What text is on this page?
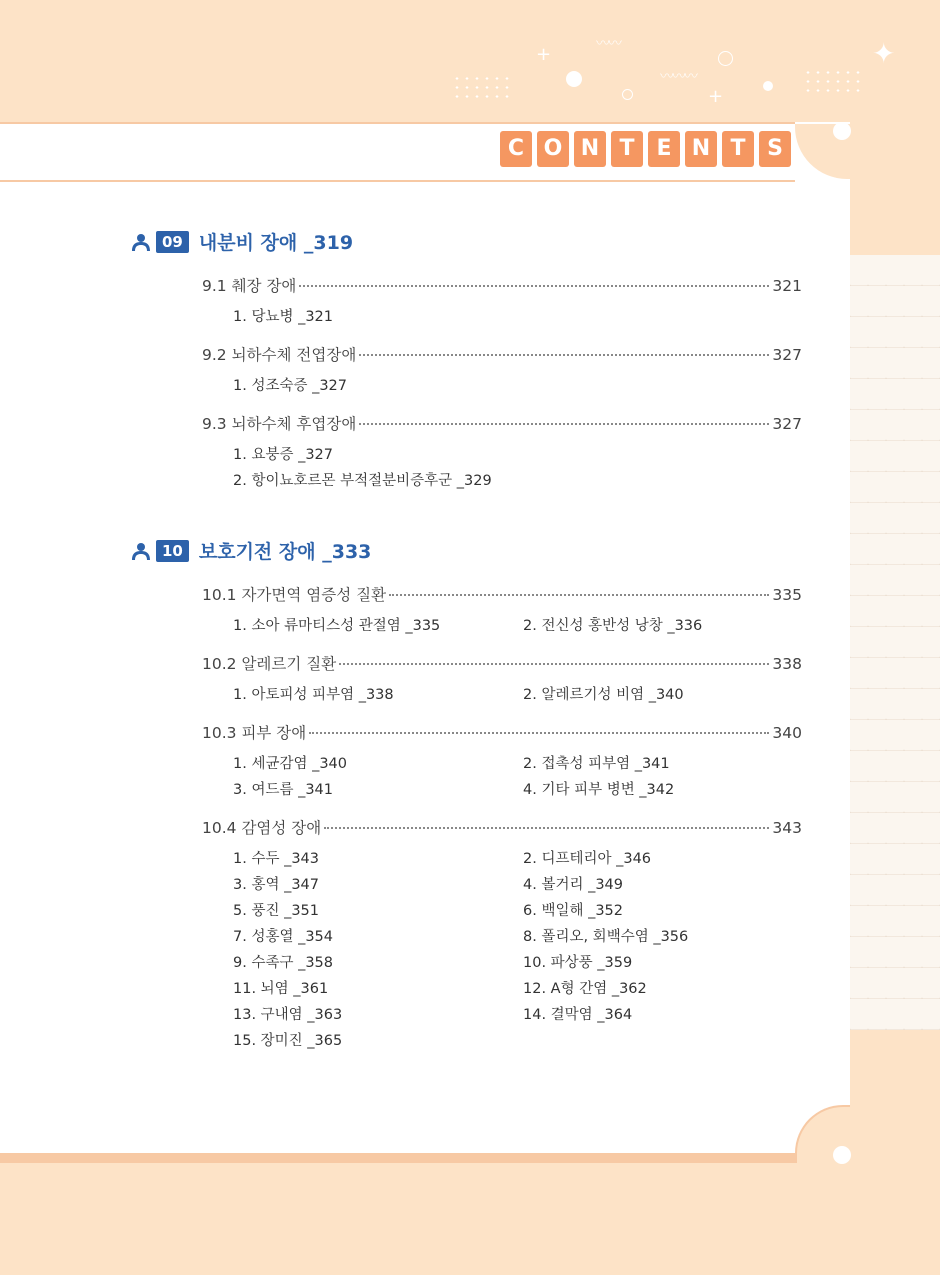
+
+
〰〰
〰〰〰
✦
C O N T E N T S
09 내분비 장애 _319
9.1 췌장 장애	321
1. 당뇨병 _321
9.2 뇌하수체 전엽장애	327
1. 성조숙증 _327
9.3 뇌하수체 후엽장애	327
1. 요붕증 _327
2. 항이뇨호르몬 부적절분비증후군 _329
10 보호기전 장애 _333
10.1 자가면역 염증성 질환	335
1. 소아 류마티스성 관절염 _335	2. 전신성 홍반성 낭창 _336
10.2 알레르기 질환	338
1. 아토피성 피부염 _338	2. 알레르기성 비염 _340
10.3 피부 장애	340
1. 세균감염 _340	2. 접촉성 피부염 _341
3. 여드름 _341	4. 기타 피부 병변 _342
10.4 감염성 장애	343
1. 수두 _343	2. 디프테리아 _346
3. 홍역 _347	4. 볼거리 _349
5. 풍진 _351	6. 백일해 _352
7. 성홍열 _354	8. 폴리오, 회백수염 _356
9. 수족구 _358	10. 파상풍 _359
11. 뇌염 _361	12. A형 간염 _362
13. 구내염 _363	14. 결막염 _364
15. 장미진 _365
